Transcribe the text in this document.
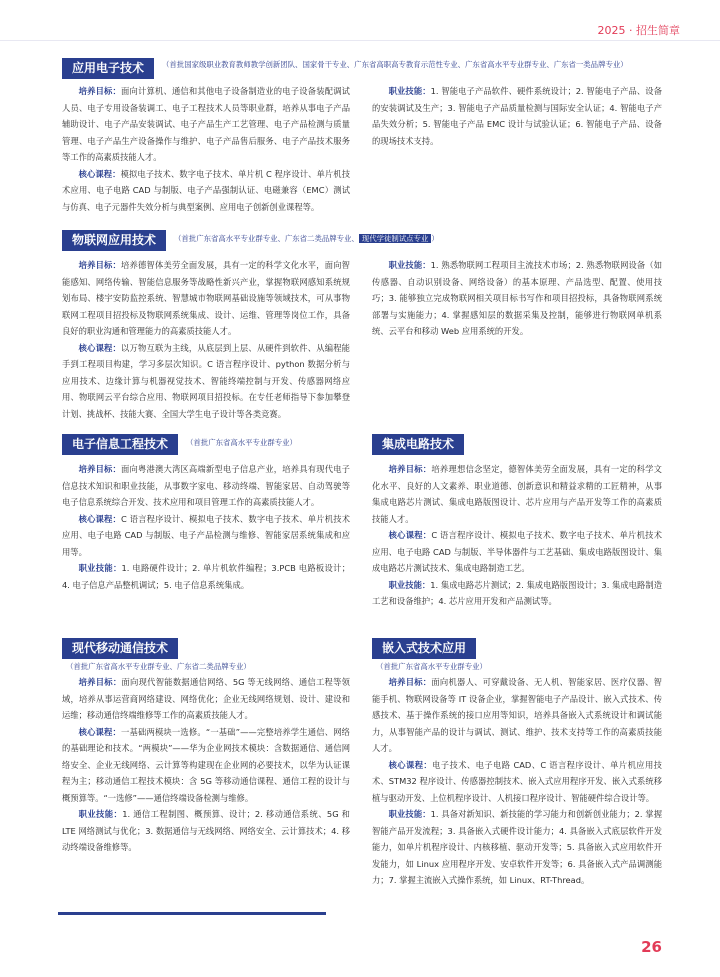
2025 · 招生简章
应用电子技术	（首批国家级职业教育教师教学创新团队、国家骨干专业、广东省高职高专教育示范性专业、广东省高水平专业群专业、广东省一类品牌专业）

培养目标：面向计算机、通信和其他电子设备制造业的电子设备装配调试人员、电子专用设备装调工、电子工程技术人员等职业群，培养从事电子产品辅助设计、电子产品安装调试、电子产品生产工艺管理、电子产品检测与质量管理、电子产品生产设备操作与维护、电子产品售后服务、电子产品技术服务等工作的高素质技能人才。

核心课程：模拟电子技术、数字电子技术、单片机 C 程序设计、单片机技术应用、电子电路 CAD 与制版、电子产品强制认证、电磁兼容（EMC）测试与仿真、电子元器件失效分析与典型案例、应用电子创新创业课程等。

职业技能：1. 智能电子产品软件、硬件系统设计；2. 智能电子产品、设备的安装调试及生产；3. 智能电子产品质量检测与国际安全认证；4. 智能电子产品失效分析；5. 智能电子产品 EMC 设计与试验认证；6. 智能电子产品、设备的现场技术支持。

物联网应用技术	（首批广东省高水平专业群专业、广东省二类品牌专业、 现代学徒制试点专业 ）

培养目标：培养德智体美劳全面发展，具有一定的科学文化水平，面向智能感知、网络传输、智能信息服务等战略性新兴产业，掌握物联网感知系统规划布局、楼宇安防监控系统、智慧城市物联网基础设施等领域技术，可从事物联网工程项目招投标及物联网系统集成、设计、运维、管理等岗位工作，具备良好的职业沟通和管理能力的高素质技能人才。

核心课程：以万物互联为主线，从底层到上层、从硬件到软件、从编程能手到工程项目构建，学习多层次知识。C 语言程序设计、python 数据分析与应用技术、边缘计算与机器视觉技术、智能终端控制与开发、传感器网络应用、物联网云平台综合应用、物联网项目招投标。在专任老师指导下参加攀登计划、挑战杯、技能大赛、全国大学生电子设计等各类竞赛。

职业技能：1. 熟悉物联网工程项目主流技术市场；2. 熟悉物联网设备（如传感器、自动识别设备、网络设备）的基本原理、产品选型、配置、使用技巧；3. 能够独立完成物联网相关项目标书写作和项目招投标，具备物联网系统部署与实施能力；4. 掌握感知层的数据采集及控制，能够进行物联网单机系统、云平台和移动 Web 应用系统的开发。

电子信息工程技术	（首批广东省高水平专业群专业）

培养目标：面向粤港澳大湾区高端新型电子信息产业，培养具有现代电子信息技术知识和职业技能，从事数字家电、移动终端、智能家居、自动驾驶等电子信息系统综合开发、技术应用和项目管理工作的高素质技能人才。

核心课程：C 语言程序设计、模拟电子技术、数字电子技术、单片机技术应用、电子电路 CAD 与制版、电子产品检测与维修、智能家居系统集成和应用等。

职业技能：1. 电路硬件设计；2. 单片机软件编程；3.PCB 电路板设计；4. 电子信息产品整机调试；5. 电子信息系统集成。

集成电路技术

培养目标：培养理想信念坚定，德智体美劳全面发展，具有一定的科学文化水平、良好的人文素养、职业道德、创新意识和精益求精的工匠精神，从事集成电路芯片测试、集成电路版图设计、芯片应用与产品开发等工作的高素质技能人才。

核心课程：C 语言程序设计、模拟电子技术、数字电子技术、单片机技术应用、电子电路 CAD 与制版、半导体器件与工艺基础、集成电路版图设计、集成电路芯片测试技术、集成电路制造工艺。

职业技能：1. 集成电路芯片测试；2. 集成电路版图设计；3. 集成电路制造工艺和设备维护；4. 芯片应用开发和产品测试等。

现代移动通信技术
（首批广东省高水平专业群专业、广东省二类品牌专业）

培养目标：面向现代智能数据通信网络、5G 等无线网络、通信工程等领域，培养从事运营商网络建设、网络优化；企业无线网络规划、设计、建设和运维；移动通信终端维修等工作的高素质技能人才。

核心课程：一基础两模块一选修。“一基础”——完整培养学生通信、网络的基础理论和技术。“两模块”——华为企业网技术模块：含数据通信、通信网络安全、企业无线网络、云计算等构建现在企业网的必要技术，以华为认证课程为主；移动通信工程技术模块：含 5G 等移动通信课程、通信工程的设计与概预算等。“一选修”——通信终端设备检测与维修。

职业技能：1. 通信工程制图、概预算、设计；2. 移动通信系统、5G 和 LTE 网络测试与优化；3. 数据通信与无线网络、网络安全、云计算技术；4. 移动终端设备维修等。

嵌入式技术应用
（首批广东省高水平专业群专业）

培养目标：面向机器人、可穿戴设备、无人机、智能家居、医疗仪器、智能手机、物联网设备等 IT 设备企业，掌握智能电子产品设计、嵌入式技术、传感技术、基于操作系统的接口应用等知识，培养具备嵌入式系统设计和调试能力，从事智能产品的设计与调试、测试、维护、技术支持等工作的高素质技能人才。

核心课程：电子技术、电子电路 CAD、C 语言程序设计、单片机应用技术、STM32 程序设计、传感器控制技术、嵌入式应用程序开发、嵌入式系统移植与驱动开发、上位机程序设计、人机接口程序设计、智能硬件综合设计等。

职业技能：1. 具备对新知识、新技能的学习能力和创新创业能力；2. 掌握智能产品开发流程；3. 具备嵌入式硬件设计能力；4. 具备嵌入式底层软件开发能力，如单片机程序设计、内核移植、驱动开发等；5. 具备嵌入式应用软件开发能力，如 Linux 应用程序开发、安卓软件开发等；6. 具备嵌入式产品调测能力；7. 掌握主流嵌入式操作系统，如 Linux、RT-Thread。

26
